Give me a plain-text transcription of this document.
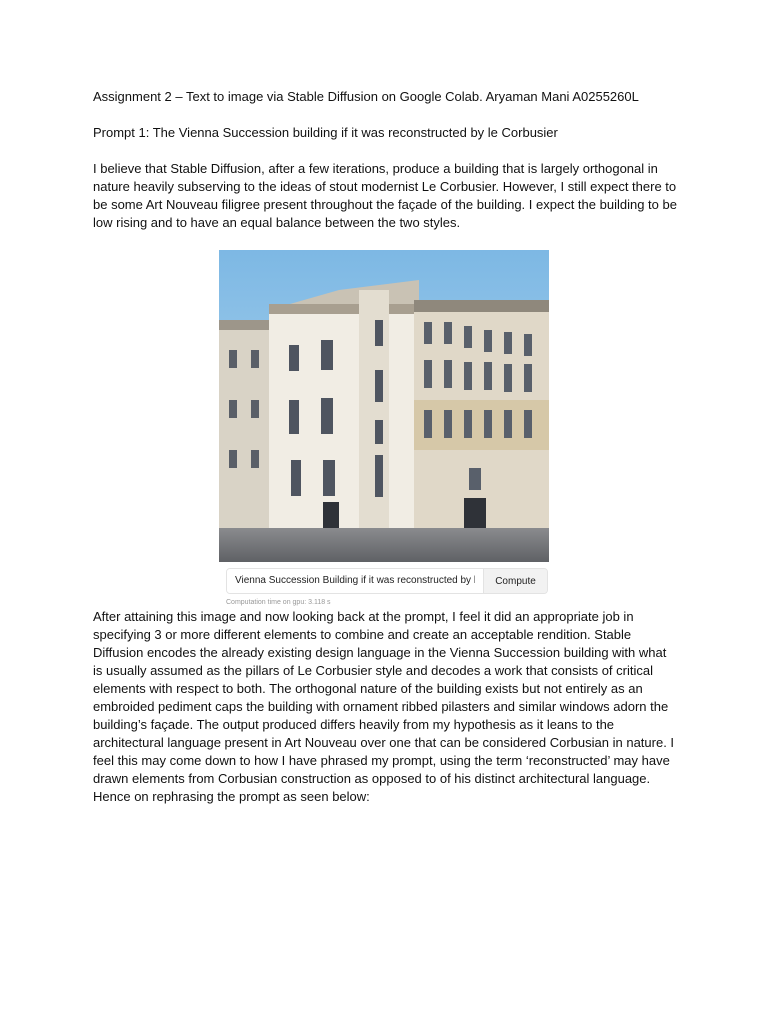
Assignment 2 – Text to image via Stable Diffusion on Google Colab. Aryaman Mani A0255260L

Prompt 1: The Vienna Succession building if it was reconstructed by le Corbusier

I believe that Stable Diffusion, after a few iterations, produce a building that is largely orthogonal in nature heavily subserving to the ideas of stout modernist Le Corbusier. However, I still expect there to be some Art Nouveau filigree present throughout the façade of the building. I expect the building to be low rising and to have an equal balance between the two styles.

Vienna Succession Building if it was reconstructed by l
Compute
Computation time on gpu: 3.118 s

After attaining this image and now looking back at the prompt, I feel it did an appropriate job in specifying 3 or more different elements to combine and create an acceptable rendition. Stable Diffusion encodes the already existing design language in the Vienna Succession building with what is usually assumed as the pillars of Le Corbusier style and decodes a work that consists of critical elements with respect to both. The orthogonal nature of the building exists but not entirely as an embroided pediment caps the building with ornament ribbed pilasters and similar windows adorn the building’s façade. The output produced differs heavily from my hypothesis as it leans to the architectural language present in Art Nouveau over one that can be considered Corbusian in nature. I feel this may come down to how I have phrased my prompt, using the term ‘reconstructed’ may have drawn elements from Corbusian construction as opposed to of his distinct architectural language. Hence on rephrasing the prompt as seen below:
